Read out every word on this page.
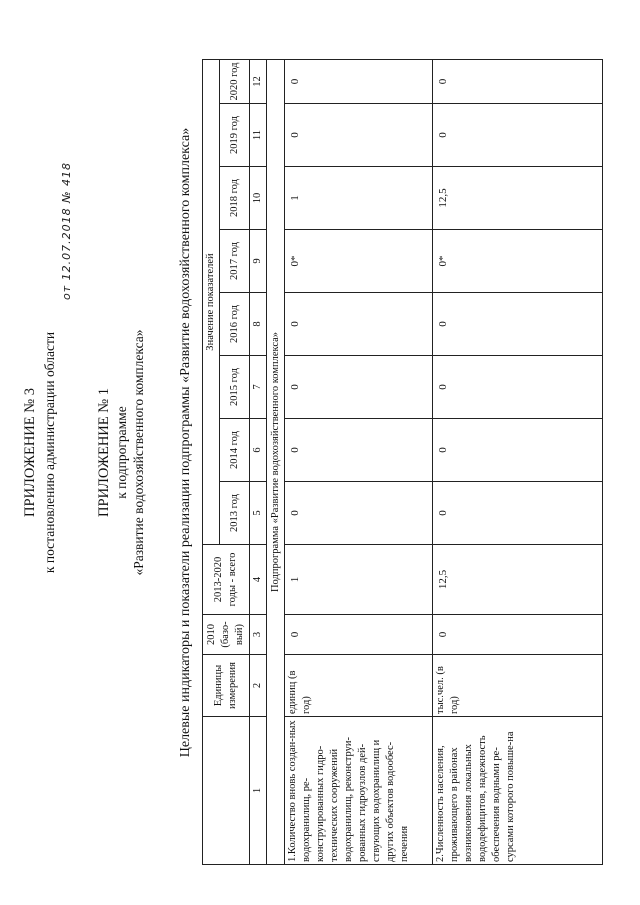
ПРИЛОЖЕНИЕ № 3 к постановлению администрации области
от 12.07.2018 № 418
ПРИЛОЖЕНИЕ № 1 к подпрограмме «Развитие водохозяйственного комплекса» Целевые индикаторы и показатели реализации подпрограммы «Развитие водохозяйственного комплекса»
	Единицы измерения	2010 (базо-вый)	2013-2020 годы - всего	Значение показателей							
				2013 год	2014 год	2015 год	2016 год	2017 год	2018 год	2019 год	2020 год

1	2	3	4	5	6	7	8	9	10	11	12
Подпрограмма «Развитие водохозяйственного комплекса»											
1.Количество вновь создан-ных водохранилищ, ре-конструированных гидро-технических сооружений водохранилищ, реконструи-рованных гидроузлов дей-ствующих водохранилищ и других объектов водообес-печения	единиц (в год)	0	1	0	0	0	0	0*	1	0	0
2.Численность населения, проживающего в районах возникновения локальных вододефицитов, надежность обеспечения водными ре-сурсами которого повыше-на	тыс.чел. (в год)	0	12,5	0	0	0	0	0*	12,5	0	0
